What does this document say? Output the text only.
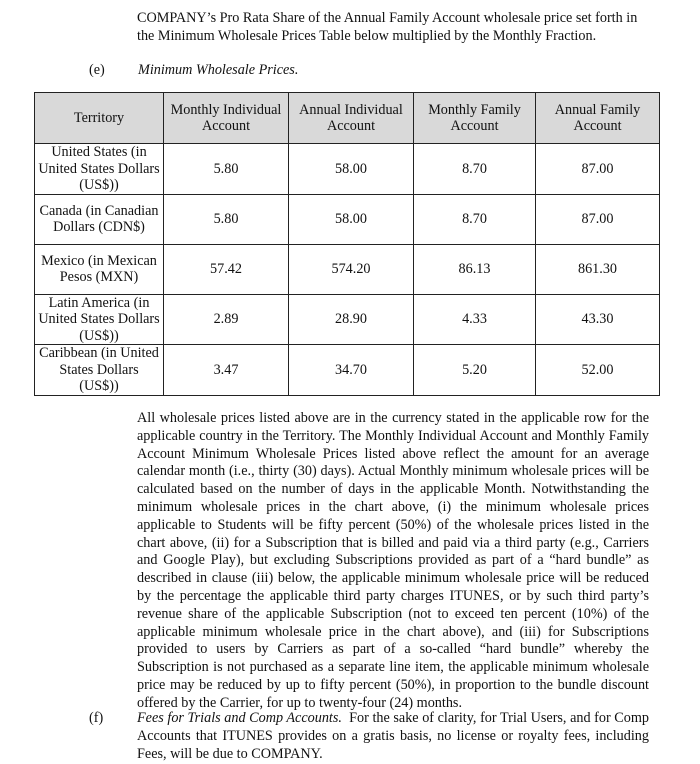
COMPANY’s Pro Rata Share of the Annual Family Account wholesale price set forth in the Minimum Wholesale Prices Table below multiplied by the Monthly Fraction.

(e) Minimum Wholesale Prices.
Territory	Monthly Individual Account	Annual Individual Account	Monthly Family Account	Annual Family Account
United States (in United States Dollars (US$))	5.80	58.00	8.70	87.00
Canada (in Canadian Dollars (CDN$)	5.80	58.00	8.70	87.00
Mexico (in Mexican Pesos (MXN)	57.42	574.20	86.13	861.30
Latin America (in United States Dollars (US$))	2.89	28.90	4.33	43.30
Caribbean (in United States Dollars (US$))	3.47	34.70	5.20	52.00

All wholesale prices listed above are in the currency stated in the applicable row for the applicable country in the Territory. The Monthly Individual Account and Monthly Family Account Minimum Wholesale Prices listed above reflect the amount for an average calendar month (i.e., thirty (30) days). Actual Monthly minimum wholesale prices will be calculated based on the number of days in the applicable Month. Notwithstanding the minimum wholesale prices in the chart above, (i) the minimum wholesale prices applicable to Students will be fifty percent (50%) of the wholesale prices listed in the chart above, (ii) for a Subscription that is billed and paid via a third party (e.g., Carriers and Google Play), but excluding Subscriptions provided as part of a “hard bundle” as described in clause (iii) below, the applicable minimum wholesale price will be reduced by the percentage the applicable third party charges ITUNES, or by such third party’s revenue share of the applicable Subscription (not to exceed ten percent (10%) of the applicable minimum wholesale price in the chart above), and (iii) for Subscriptions provided to users by Carriers as part of a so-called “hard bundle” whereby the Subscription is not purchased as a separate line item, the applicable minimum wholesale price may be reduced by up to fifty percent (50%), in proportion to the bundle discount offered by the Carrier, for up to twenty-four (24) months.

(f) Fees for Trials and Comp Accounts. For the sake of clarity, for Trial Users, and for Comp Accounts that ITUNES provides on a gratis basis, no license or royalty fees, including Fees, will be due to COMPANY.
